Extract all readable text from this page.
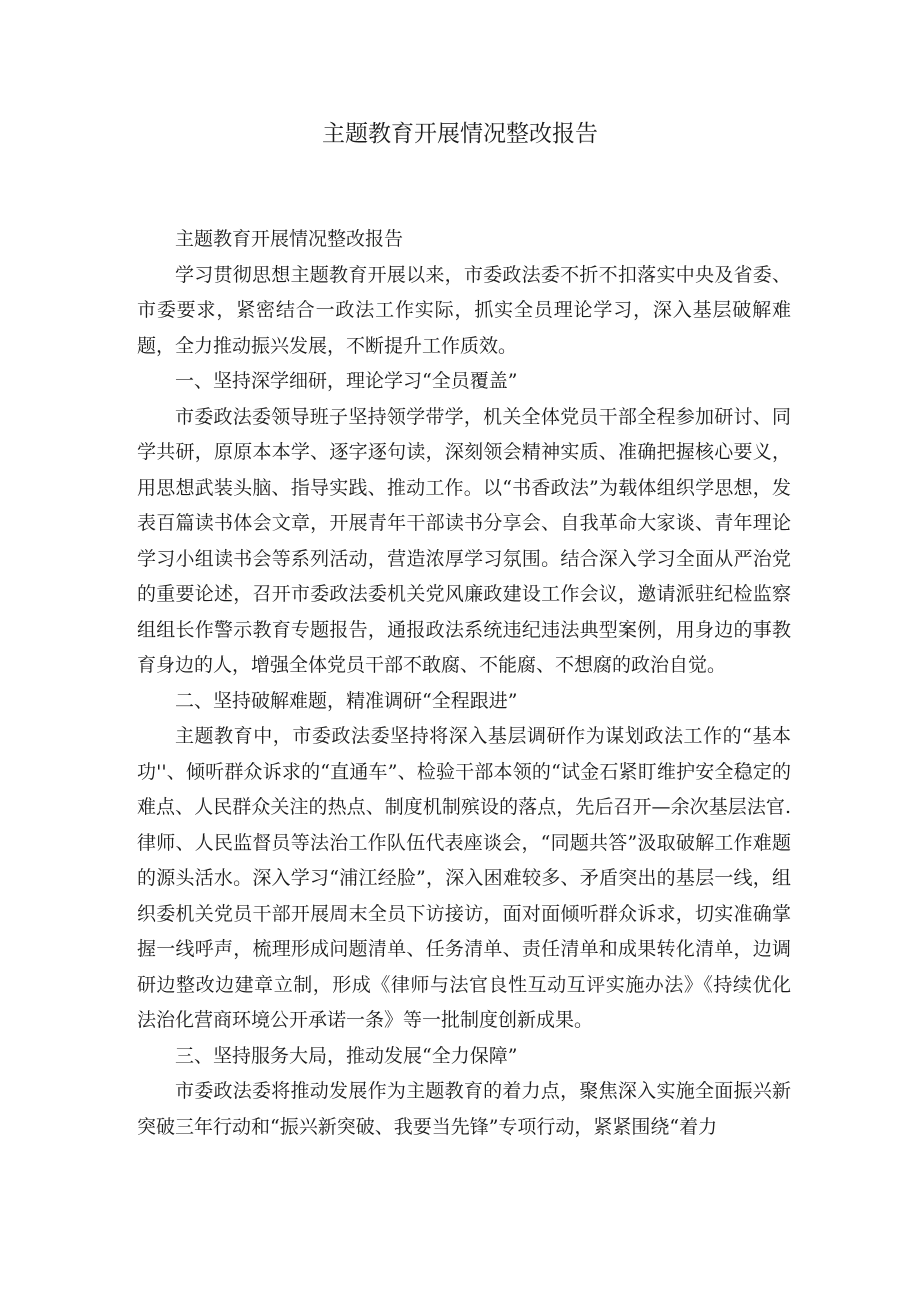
主题教育开展情况整改报告

主题教育开展情况整改报告

学习贯彻思想主题教育开展以来，市委政法委不折不扣落实中央及省委、市委要求，紧密结合一政法工作实际，抓实全员理论学习，深入基层破解难题，全力推动振兴发展，不断提升工作质效。

一、坚持深学细研，理论学习“全员覆盖”

市委政法委领导班子坚持领学带学，机关全体党员干部全程参加研讨、同学共研，原原本本学、逐字逐句读，深刻领会精神实质、准确把握核心要义，用思想武装头脑、指导实践、推动工作。以“书香政法”为载体组织学思想，发表百篇读书体会文章，开展青年干部读书分享会、自我革命大家谈、青年理论学习小组读书会等系列活动，营造浓厚学习氛围。结合深入学习全面从严治党的重要论述，召开市委政法委机关党风廉政建设工作会议，邀请派驻纪检监察组组长作警示教育专题报告，通报政法系统违纪违法典型案例，用身边的事教育身边的人，增强全体党员干部不敢腐、不能腐、不想腐的政治自觉。

二、坚持破解难题，精准调研“全程跟进”

主题教育中，市委政法委坚持将深入基层调研作为谋划政法工作的“基本功''、倾听群众诉求的“直通车”、检验干部本领的“试金石紧盯维护安全稳定的难点、人民群众关注的热点、制度机制殡设的落点，先后召开—余次基层法官.律师、人民监督员等法治工作队伍代表座谈会，“同题共答”汲取破解工作难题的源头活水。深入学习“浦江经脸”，深入困难较多、矛盾突出的基层一线，组织委机关党员干部开展周末全员下访接访，面对面倾听群众诉求，切实准确掌握一线呼声，梳理形成问题清单、任务清单、责任清单和成果转化清单，边调研边整改边建章立制，形成《律师与法官良性互动互评实施办法》《持续优化法治化营商环境公开承诺一条》等一批制度创新成果。

三、坚持服务大局，推动发展“全力保障”

市委政法委将推动发展作为主题教育的着力点，聚焦深入实施全面振兴新突破三年行动和“振兴新突破、我要当先锋”专项行动，紧紧围绕“着力
